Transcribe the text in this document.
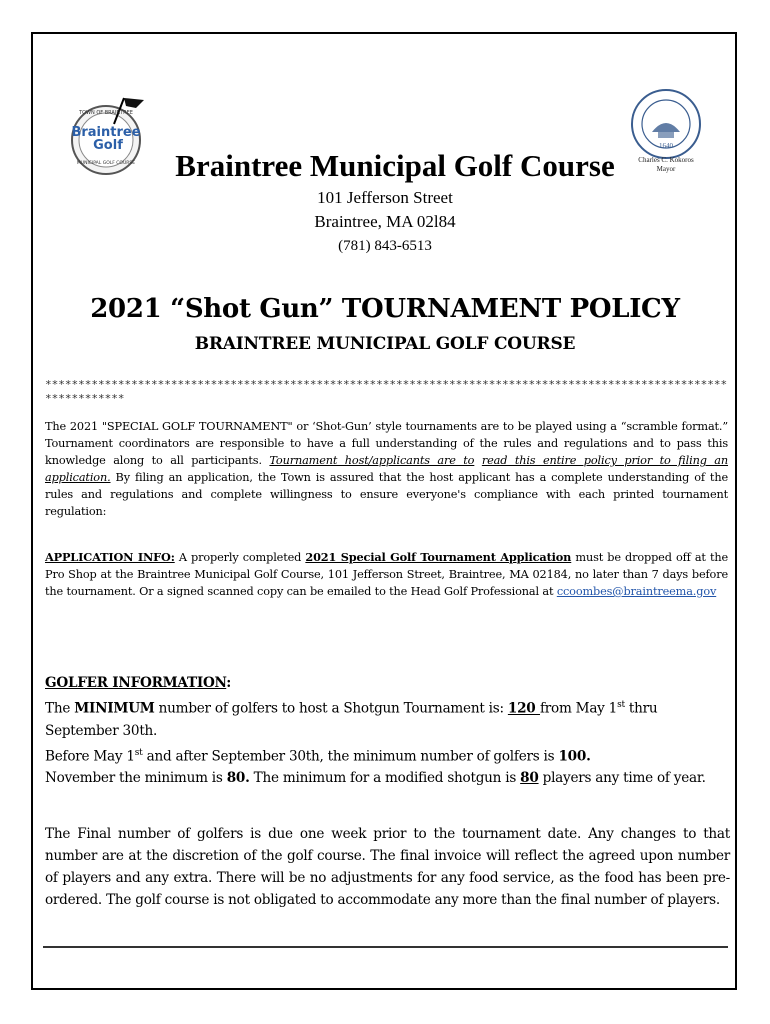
TOWN OF BRAINTREE
Braintree
Golf
MUNICIPAL GOLF COURSE
1640
Charles C. Kokoros
Mayor
Braintree Municipal Golf Course
101 Jefferson Street
Braintree, MA 02l84
(781) 843-6513
2021 “Shot Gun” TOURNAMENT POLICY
BRAINTREE MUNICIPAL GOLF COURSE
*******************************************************************************************************************
The 2021 "SPECIAL GOLF TOURNAMENT" or ‘Shot-Gun’ style tournaments are to be played using a “scramble format.” Tournament coordinators are responsible to have a full understanding of the rules and regulations and to pass this knowledge along to all participants. Tournament host/applicants are to read this entire policy prior to filing an application. By filing an application, the Town is assured that the host applicant has a complete understanding of the rules and regulations and complete willingness to ensure everyone's compliance with each printed tournament regulation:
APPLICATION INFO: A properly completed 2021 Special Golf Tournament Application must be dropped off at the Pro Shop at the Braintree Municipal Golf Course, 101 Jefferson Street, Braintree, MA 02184, no later than 7 days before the tournament. Or a signed scanned copy can be emailed to the Head Golf Professional at ccoombes@braintreema.gov
GOLFER INFORMATION:
The MINIMUM number of golfers to host a Shotgun Tournament is: 120 from May 1st thru September 30th.
Before May 1st and after September 30th, the minimum number of golfers is 100.
November the minimum is 80. The minimum for a modified shotgun is 80 players any time of year.
The Final number of golfers is due one week prior to the tournament date. Any changes to that number are at the discretion of the golf course. The final invoice will reflect the agreed upon number of players and any extra. There will be no adjustments for any food service, as the food has been pre-ordered. The golf course is not obligated to accommodate any more than the final number of players.
